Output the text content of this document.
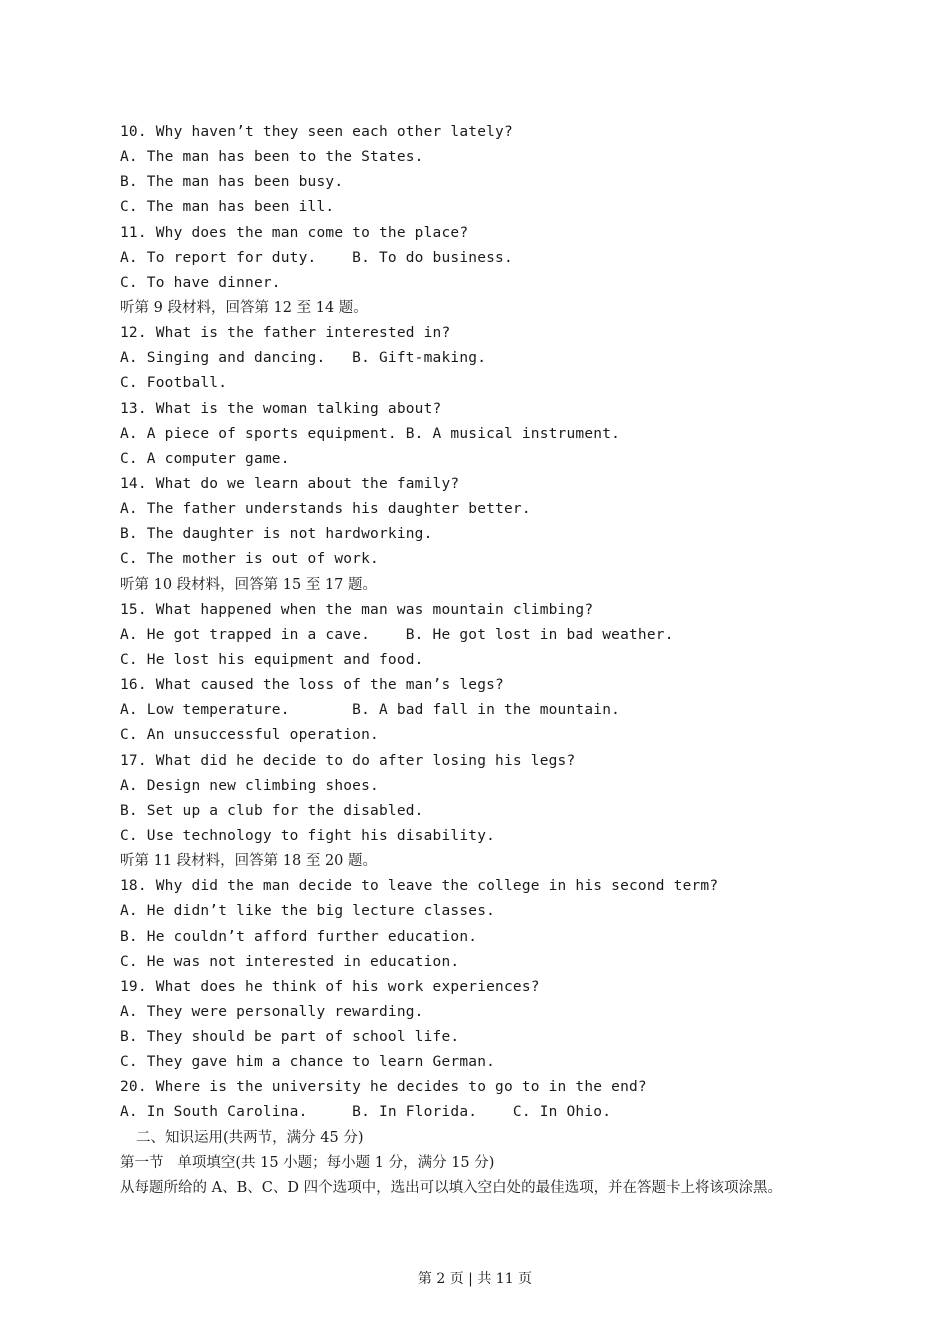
10. Why haven’t they seen each other lately?
A. The man has been to the States.
B. The man has been busy.
C. The man has been ill.
11. Why does the man come to the place?
A. To report for duty.    B. To do business.
C. To have dinner.
听第 9 段材料，回答第 12 至 14 题。
12. What is the father interested in?
A. Singing and dancing.   B. Gift-making.
C. Football.
13. What is the woman talking about?
A. A piece of sports equipment. B. A musical instrument.
C. A computer game.
14. What do we learn about the family?
A. The father understands his daughter better.
B. The daughter is not hardworking.
C. The mother is out of work.
听第 10 段材料，回答第 15 至 17 题。
15. What happened when the man was mountain climbing?
A. He got trapped in a cave.    B. He got lost in bad weather.
C. He lost his equipment and food.
16. What caused the loss of the man’s legs?
A. Low temperature.       B. A bad fall in the mountain.
C. An unsuccessful operation.
17. What did he decide to do after losing his legs?
A. Design new climbing shoes.
B. Set up a club for the disabled.
C. Use technology to fight his disability.
听第 11 段材料，回答第 18 至 20 题。
18. Why did the man decide to leave the college in his second term?
A. He didn’t like the big lecture classes.
B. He couldn’t afford further education.
C. He was not interested in education.
19. What does he think of his work experiences?
A. They were personally rewarding.
B. They should be part of school life.
C. They gave him a chance to learn German.
20. Where is the university he decides to go to in the end?
A. In South Carolina.     B. In Florida.    C. In Ohio.
二、知识运用(共两节，满分 45 分)
第一节   单项填空(共 15 小题；每小题 1 分，满分 15 分)
从每题所给的 A、B、C、D 四个选项中，选出可以填入空白处的最佳选项，并在答题卡上将该项涂黑。
第 2 页 | 共 11 页
